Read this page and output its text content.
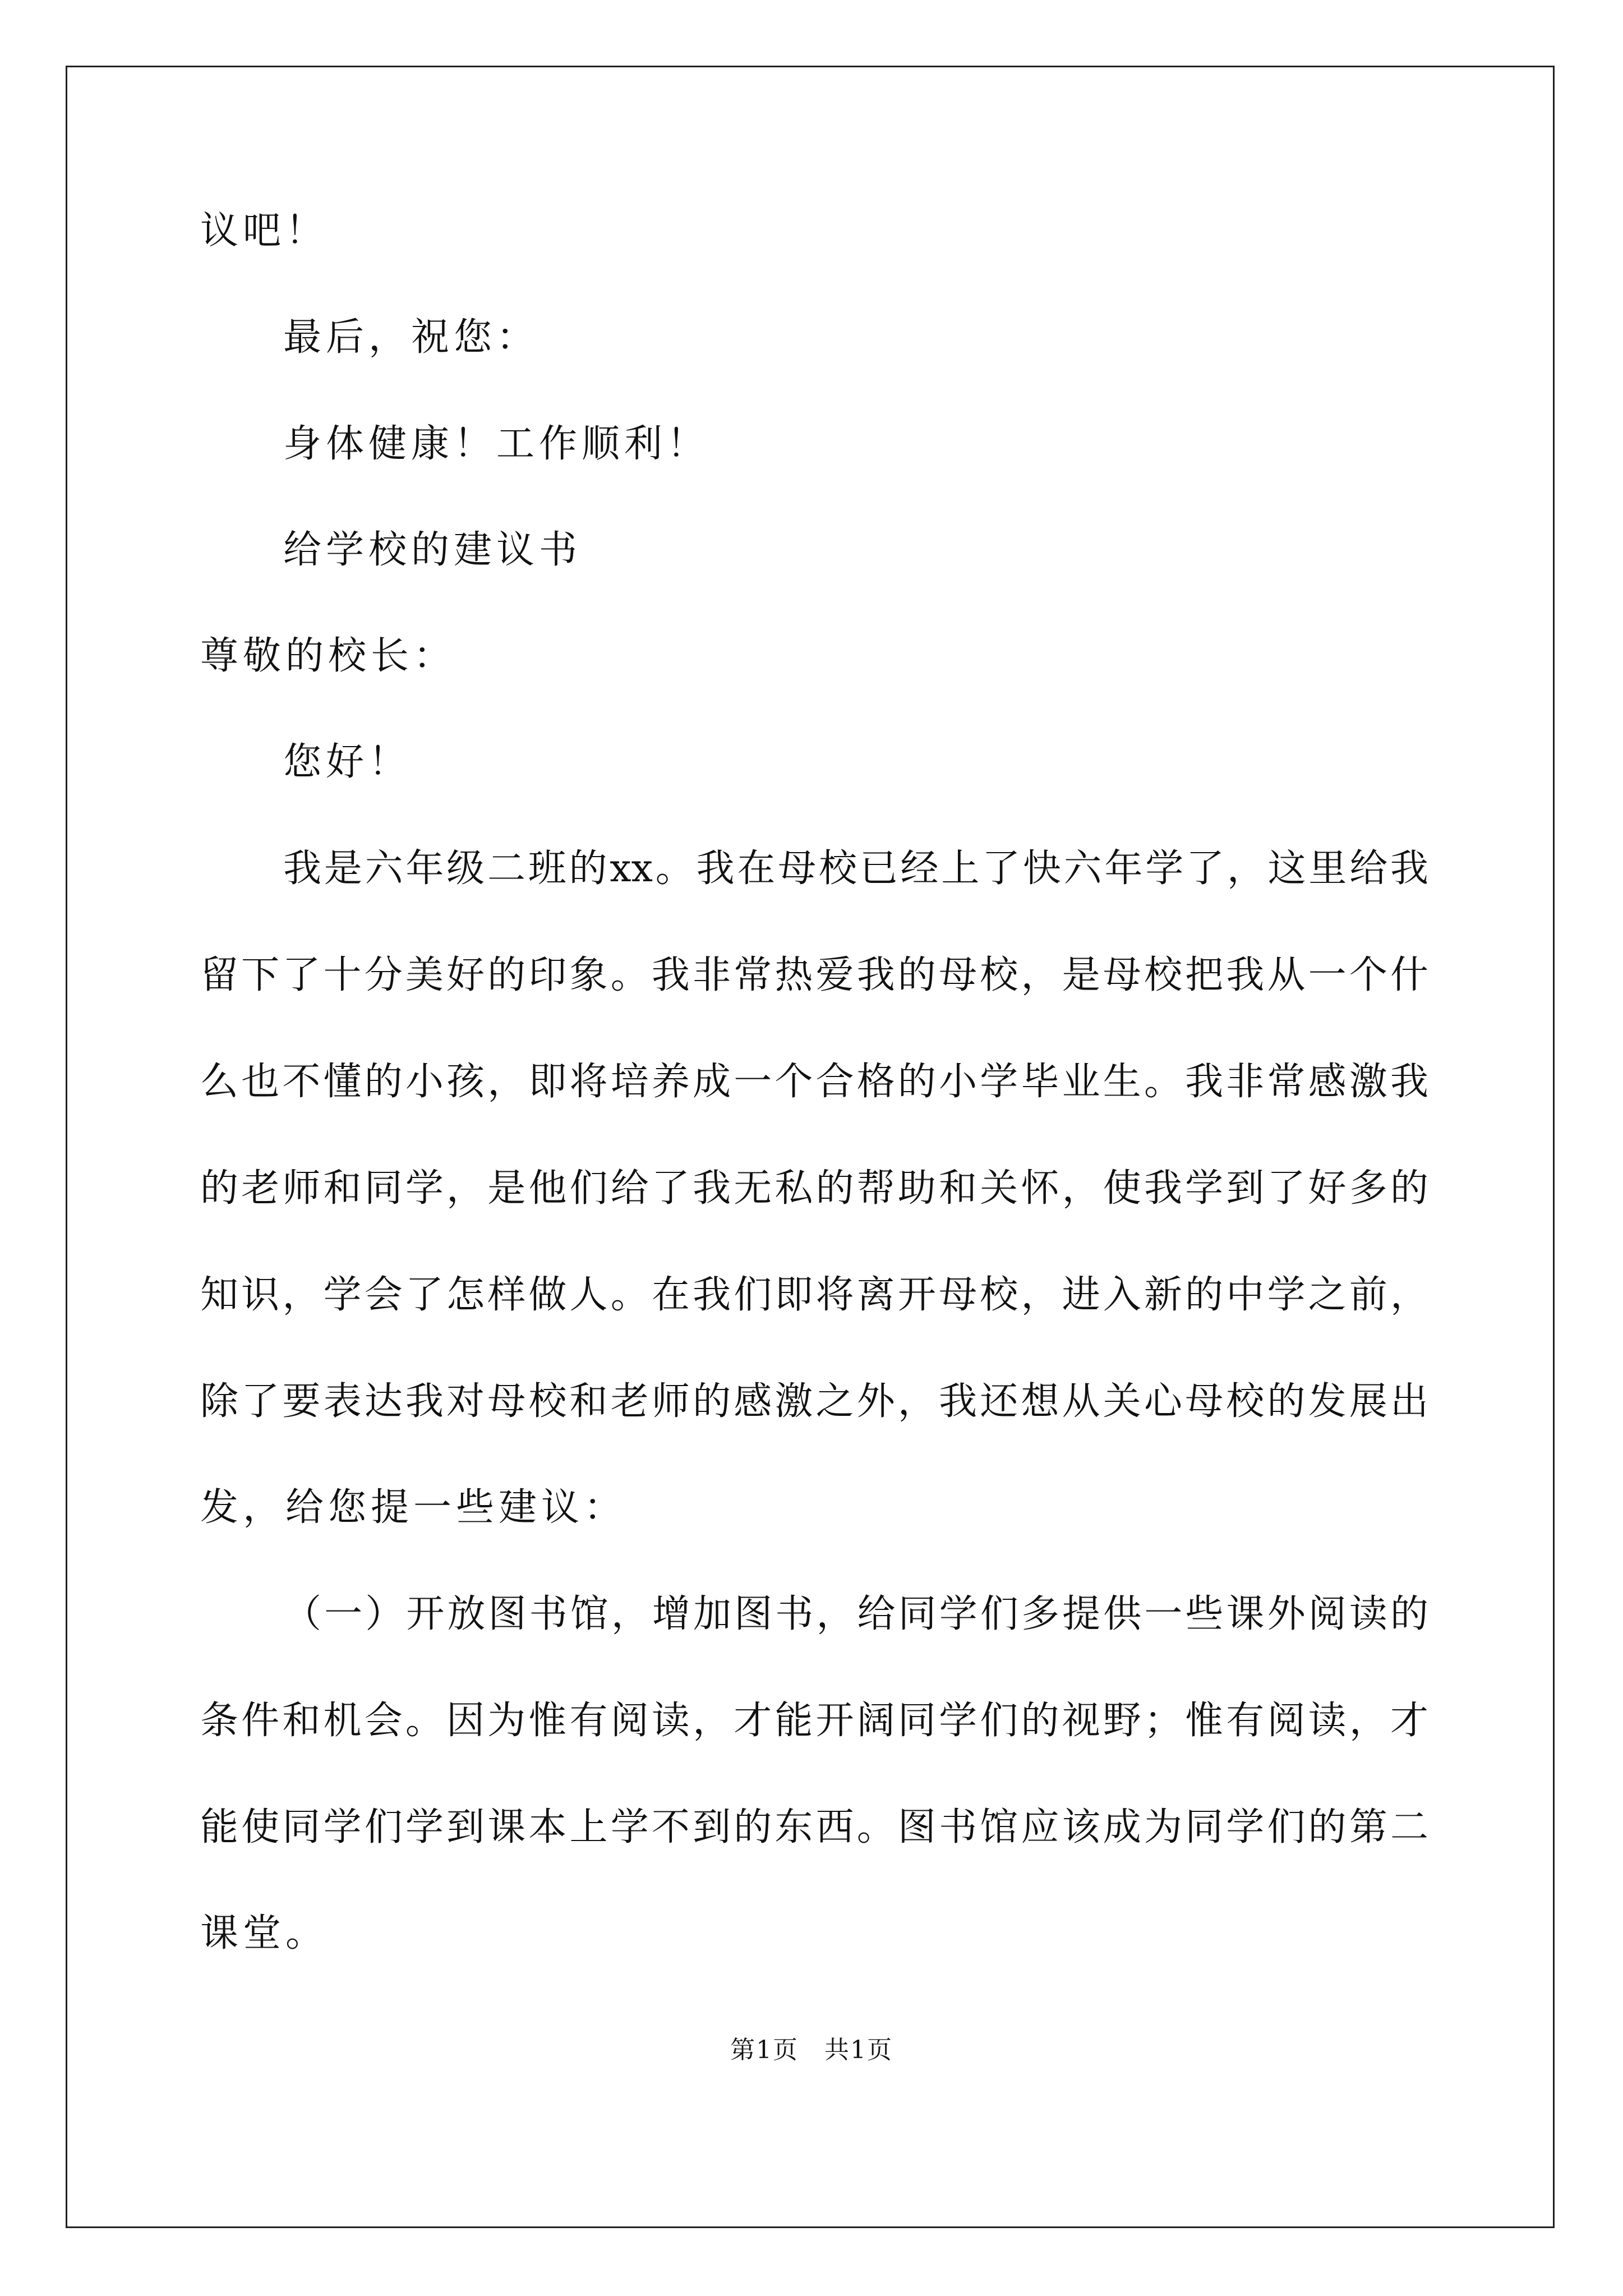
议吧！
最后，祝您：
身体健康！工作顺利！
给学校的建议书
尊敬的校长：
您好！
我是六年级二班的xx。我在母校已经上了快六年学了，这里给我
留下了十分美好的印象。我非常热爱我的母校，是母校把我从一个什
么也不懂的小孩，即将培养成一个合格的小学毕业生。我非常感激我
的老师和同学，是他们给了我无私的帮助和关怀，使我学到了好多的
知识，学会了怎样做人。在我们即将离开母校，进入新的中学之前，
除了要表达我对母校和老师的感激之外，我还想从关心母校的发展出
发，给您提一些建议：
（一）开放图书馆，增加图书，给同学们多提供一些课外阅读的
条件和机会。因为惟有阅读，才能开阔同学们的视野；惟有阅读，才
能使同学们学到课本上学不到的东西。图书馆应该成为同学们的第二
课堂。
第1页　共1页
